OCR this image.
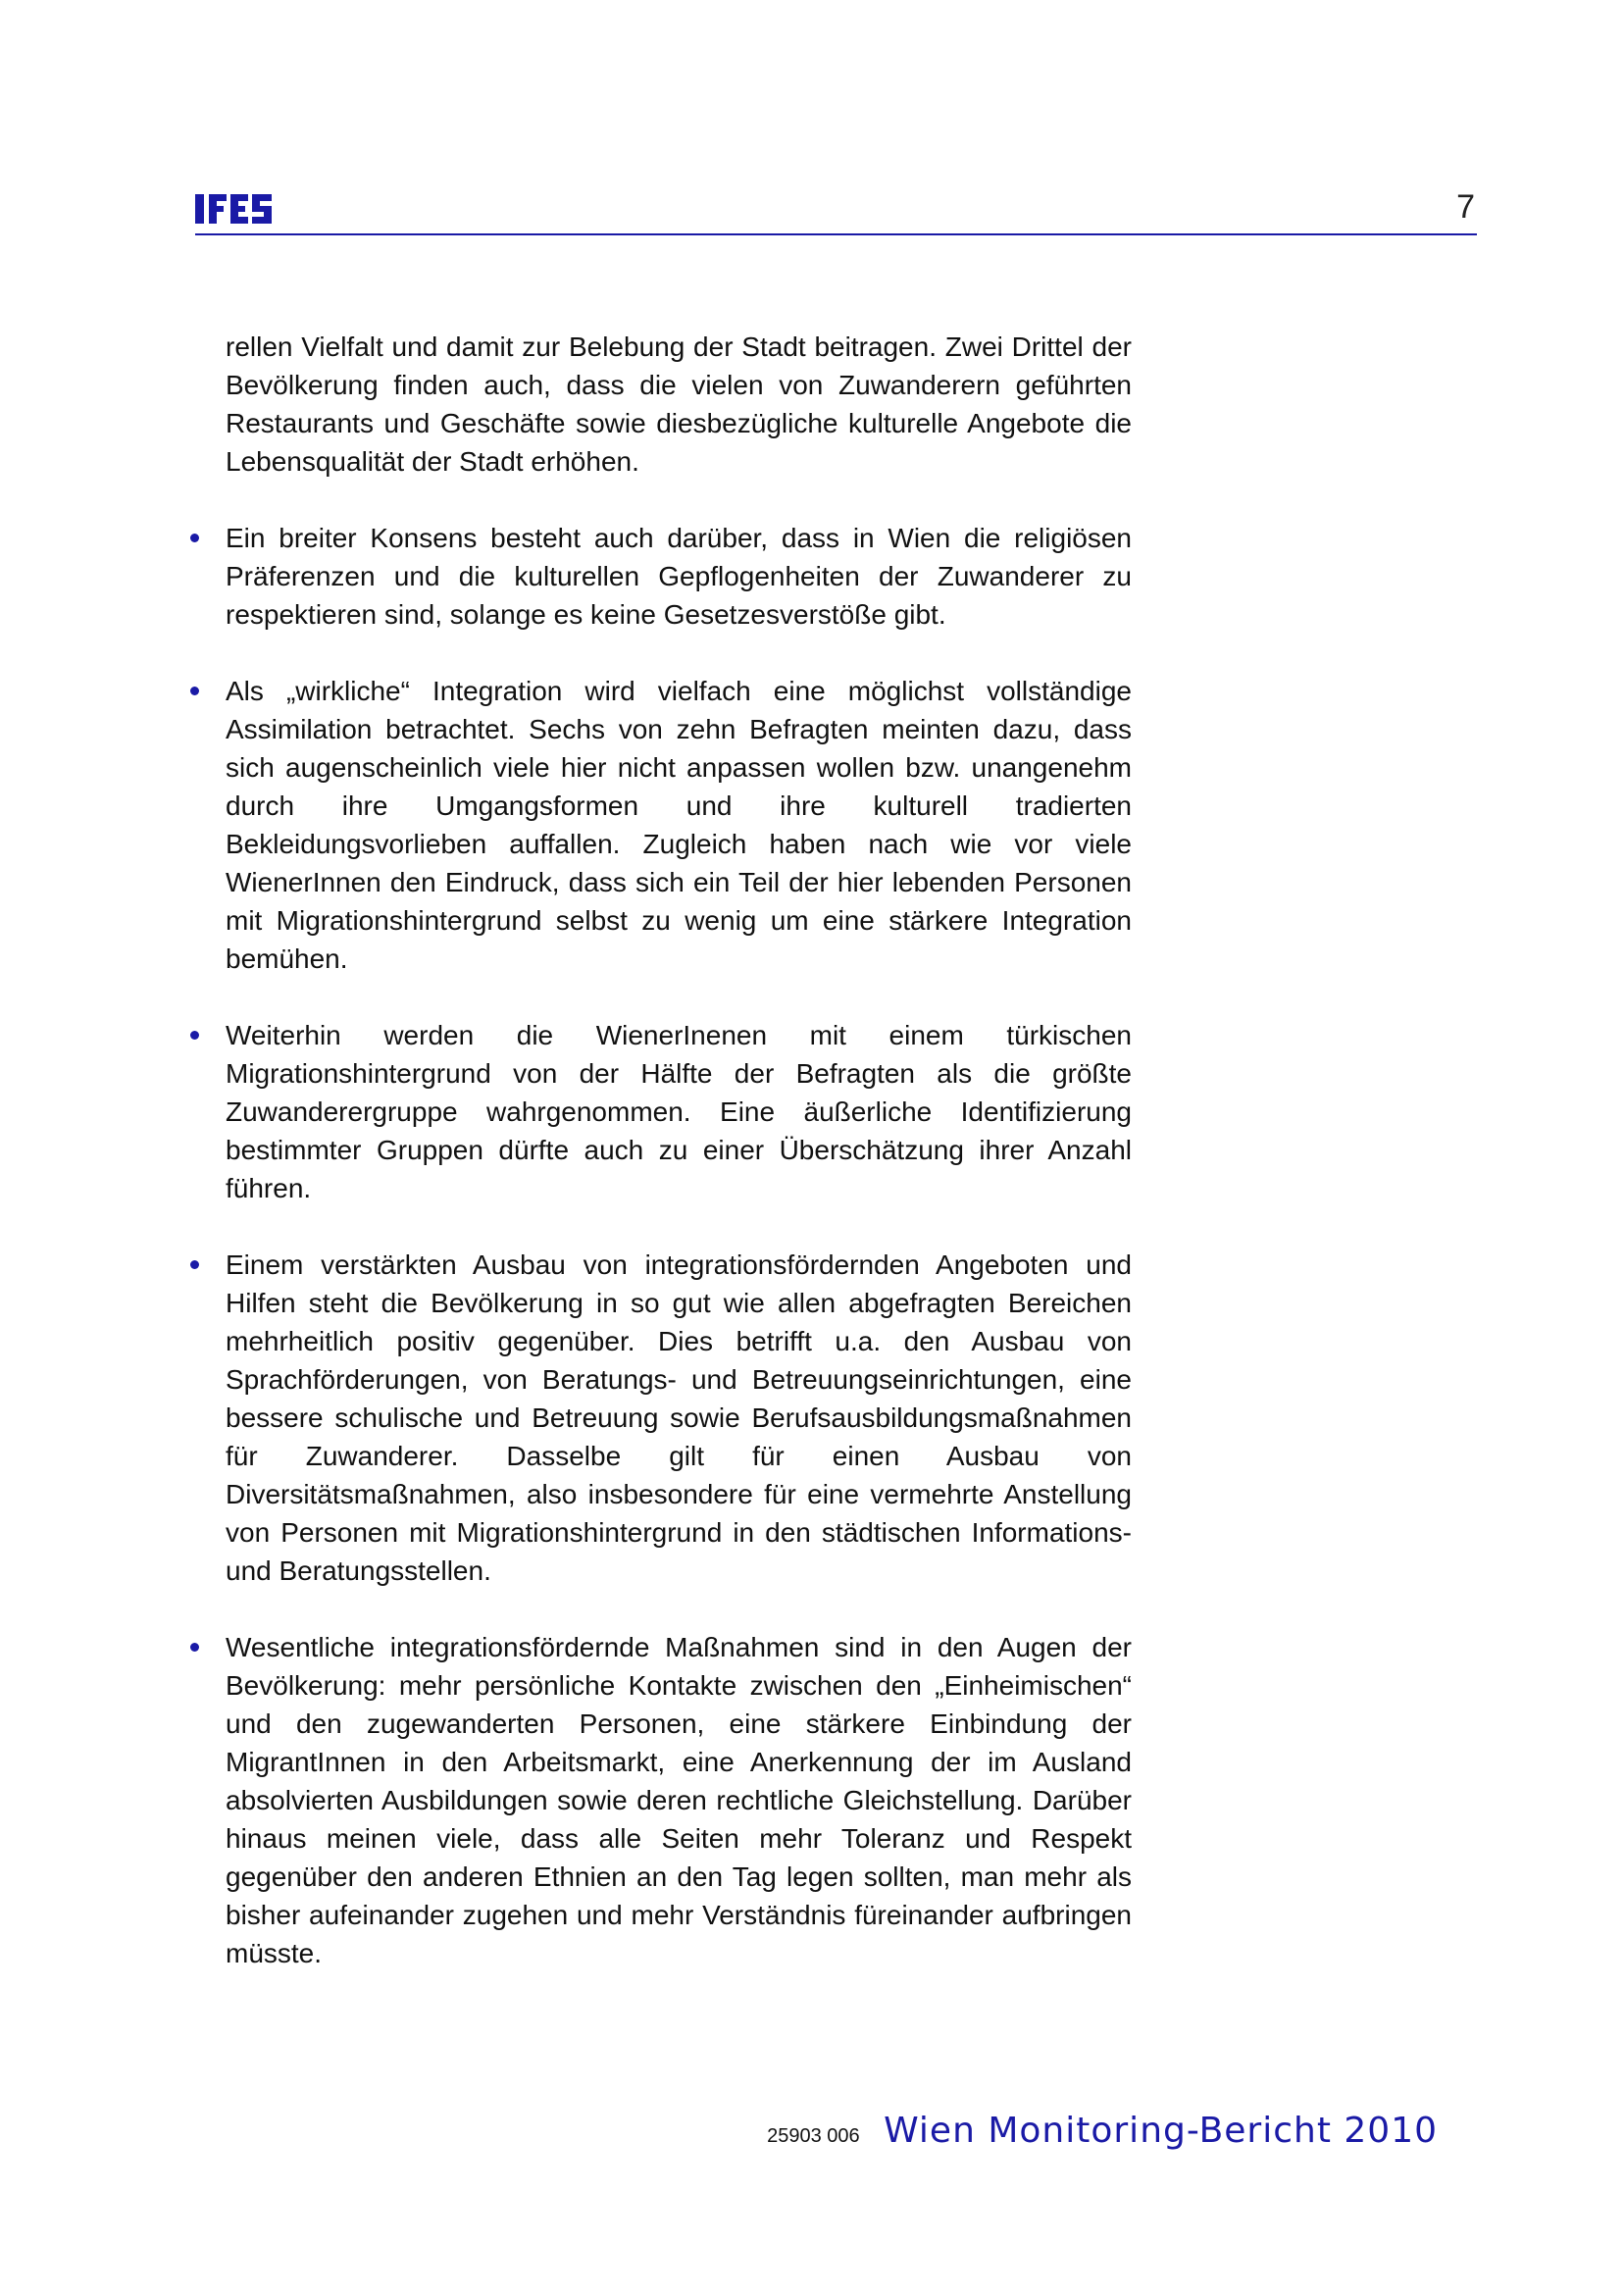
7

rellen Vielfalt und damit zur Belebung der Stadt beitragen. Zwei Drittel der Bevölkerung finden auch, dass die vielen von Zuwanderern geführten Restaurants und Geschäfte sowie diesbezügliche kulturelle Angebote die Lebensqualität der Stadt erhöhen.

Ein breiter Konsens besteht auch darüber, dass in Wien die religiösen Präferenzen und die kulturellen Gepflogenheiten der Zuwanderer zu respektieren sind, solange es keine Gesetzesverstöße gibt.
Als „wirkliche“ Integration wird vielfach eine möglichst vollständige Assimilation betrachtet. Sechs von zehn Befragten meinten dazu, dass sich augenscheinlich viele hier nicht anpassen wollen bzw. unangenehm durch ihre Umgangsformen und ihre kulturell tradierten Bekleidungsvorlieben auffallen. Zugleich haben nach wie vor viele WienerInnen den Eindruck, dass sich ein Teil der hier lebenden Personen mit Migrationshintergrund selbst zu wenig um eine stärkere Integration bemühen.
Weiterhin werden die WienerInenen mit einem türkischen Migrationshintergrund von der Hälfte der Befragten als die größte Zuwanderergruppe wahrgenommen. Eine äußerliche Identifizierung bestimmter Gruppen dürfte auch zu einer Überschätzung ihrer Anzahl führen.
Einem verstärkten Ausbau von integrationsfördernden Angeboten und Hilfen steht die Bevölkerung in so gut wie allen abgefragten Bereichen mehrheitlich positiv gegenüber. Dies betrifft u.a. den Ausbau von Sprachförderungen, von Beratungs- und Betreuungseinrichtungen, eine bessere schulische und Betreuung sowie Berufsausbildungsmaßnahmen für Zuwanderer. Dasselbe gilt für einen Ausbau von Diversitätsmaßnahmen, also insbesondere für eine vermehrte Anstellung von Personen mit Migrationshintergrund in den städtischen Informations- und Beratungsstellen.
Wesentliche integrationsfördernde Maßnahmen sind in den Augen der Bevölkerung: mehr persönliche Kontakte zwischen den „Einheimischen“ und den zugewanderten Personen, eine stärkere Einbindung der MigrantInnen in den Arbeitsmarkt, eine Anerkennung der im Ausland absolvierten Ausbildungen sowie deren rechtliche Gleichstellung. Darüber hinaus meinen viele, dass alle Seiten mehr Toleranz und Respekt gegenüber den anderen Ethnien an den Tag legen sollten, man mehr als bisher aufeinander zugehen und mehr Verständnis füreinander aufbringen müsste.
25903 006 Wien Monitoring-Bericht 2010
